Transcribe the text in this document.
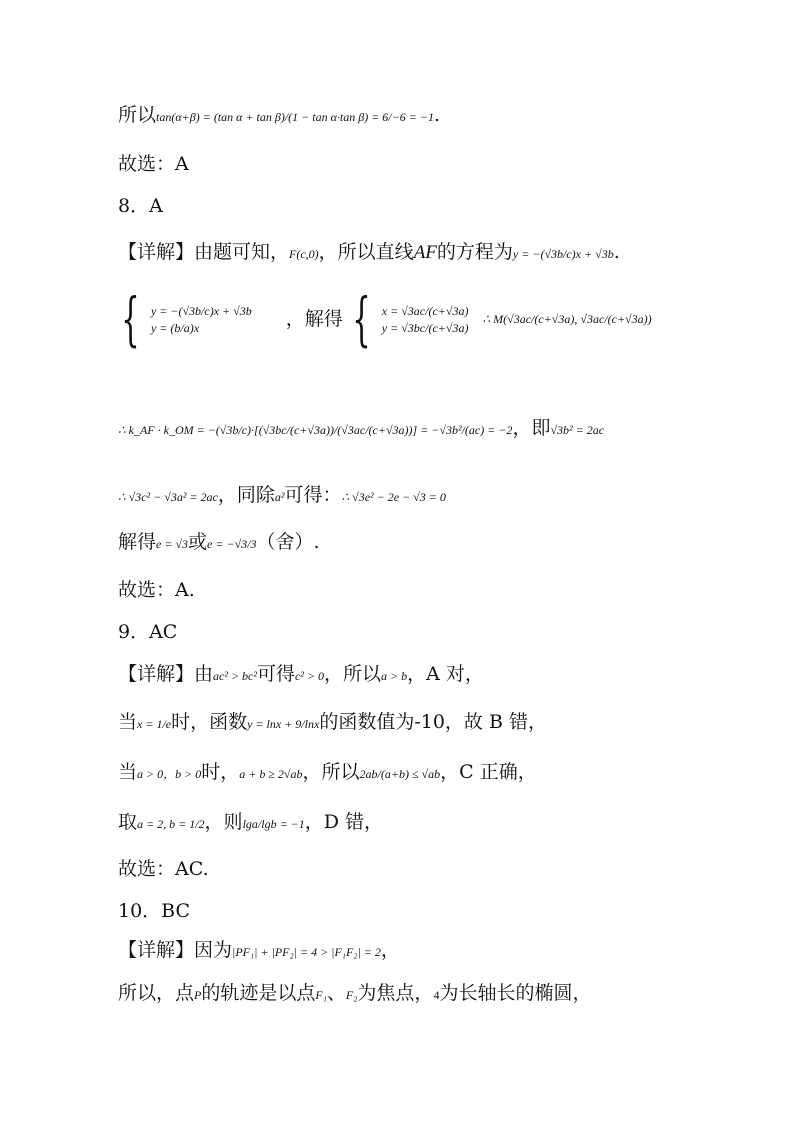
所以tan(α+β) = (tan α + tan β)/(1 − tan α·tan β) = 6/−6 = −1.
故选：A
8．A
【详解】由题可知，F(c,0)，所以直线AF的方程为y = −(√3b/c)x + √3b.
{ y = −(√3b/c)x + √3b
y = (b/a)x	，解得 { x = √3ac/(c+√3a)
y = √3bc/(c+√3a)
∴ M(√3ac/(c+√3a), √3ac/(c+√3a))
∴ k_AF · k_OM = −(√3b/c)·[(√3bc/(c+√3a))/(√3ac/(c+√3a))] = −√3b²/(ac) = −2，即√3b² = 2ac
∴ √3c² − √3a² = 2ac，同除a²可得：∴ √3e² − 2e − √3 = 0
解得e = √3或e = −√3/3（舍）.
故选：A.
9．AC
【详解】由ac² > bc²可得c² > 0，所以a > b，A 对，
当x = 1/e时，函数y = lnx + 9/lnx的函数值为-10，故 B 错，
当a > 0，b > 0时，a + b ≥ 2√ab，所以2ab/(a+b) ≤ √ab，C 正确，
取a = 2, b = 1/2，则lga/lgb = −1，D 错，
故选：AC.
10．BC
【详解】因为|PF₁| + |PF₂| = 4 > |F₁F₂| = 2，
所以，点P的轨迹是以点F₁、F₂为焦点，4为长轴长的椭圆，
